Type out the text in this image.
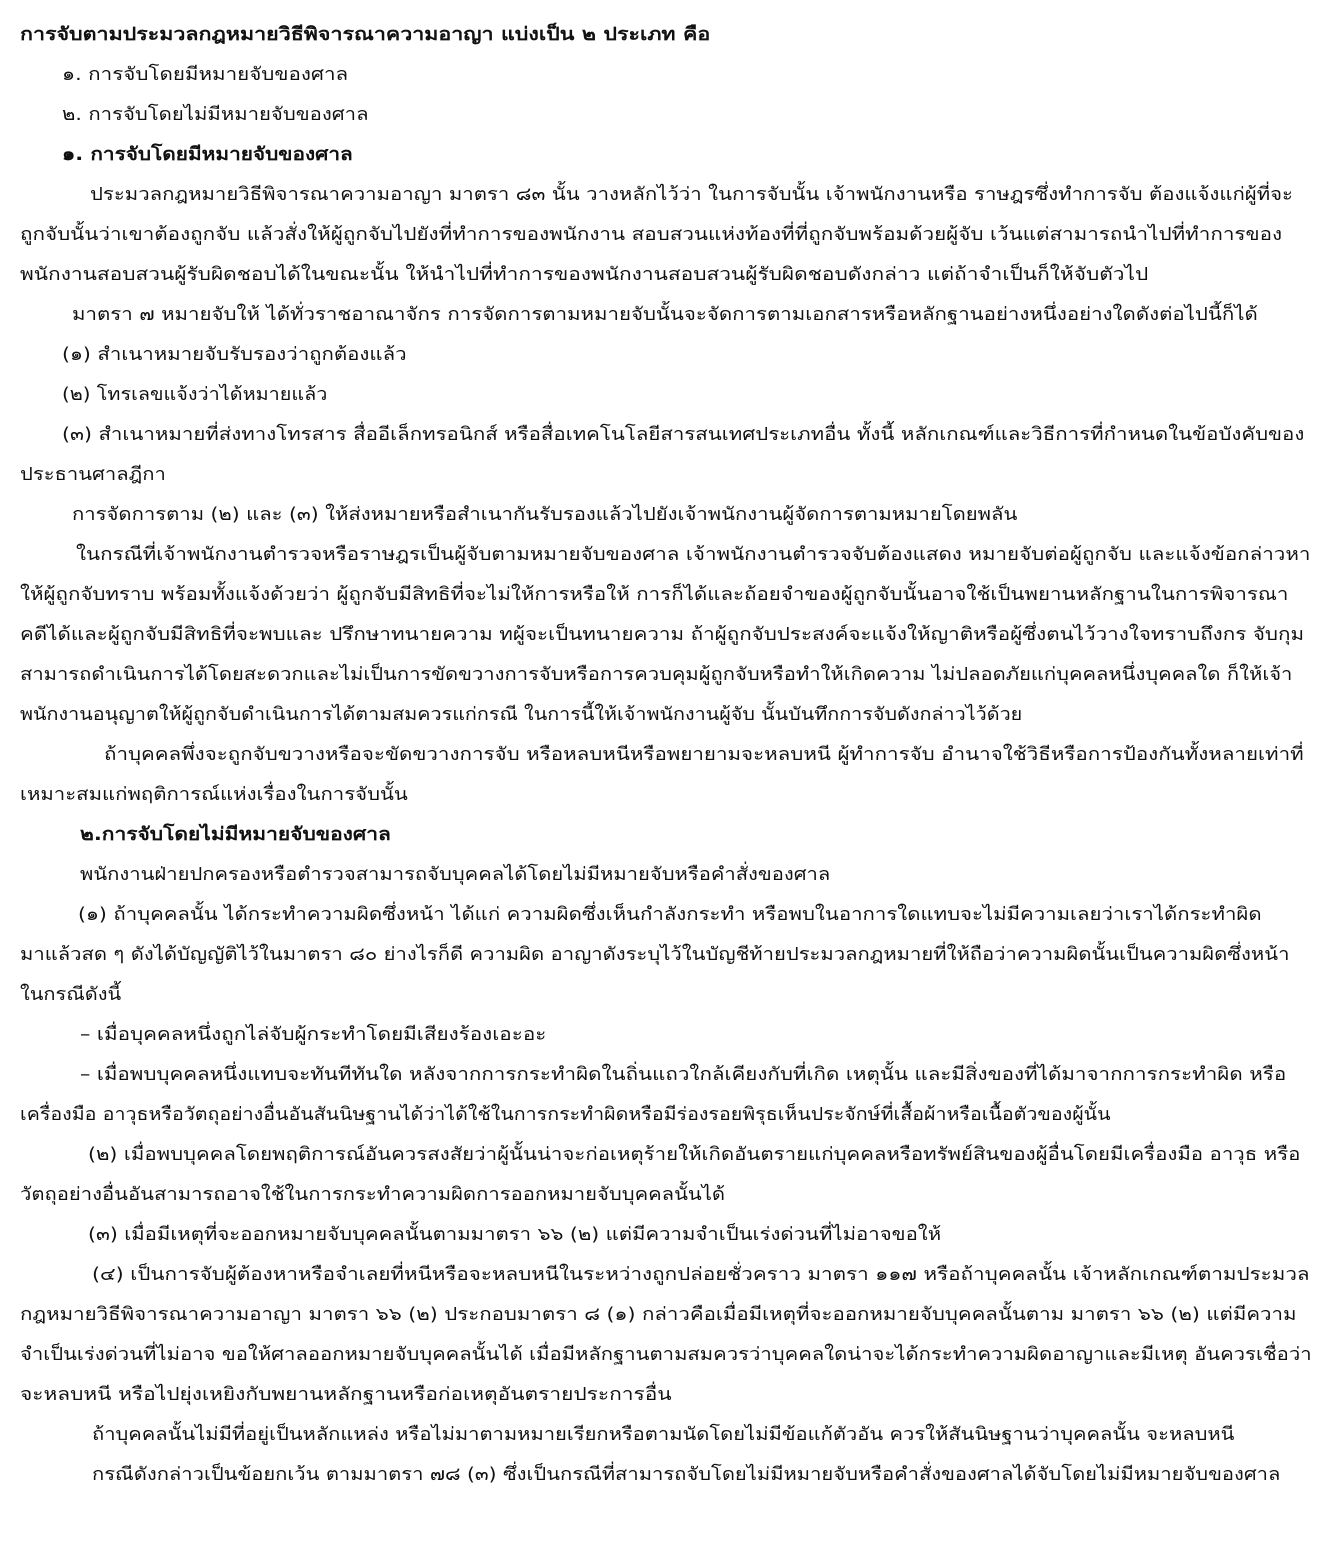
การจับตามประมวลกฎหมายวิธีพิจารณาความอาญา แบ่งเป็น ๒ ประเภท คือ
๑. การจับโดยมีหมายจับของศาล
๒. การจับโดยไม่มีหมายจับของศาล
๑. การจับโดยมีหมายจับของศาล
ประมวลกฎหมายวิธีพิจารณาความอาญา มาตรา ๘๓ นั้น วางหลักไว้ว่า ในการจับนั้น เจ้าพนักงานหรือ ราษฎรซึ่งทำการจับ ต้องแจ้งแก่ผู้ที่จะ
ถูกจับนั้นว่าเขาต้องถูกจับ แล้วสั่งให้ผู้ถูกจับไปยังที่ทำการของพนักงาน สอบสวนแห่งท้องที่ที่ถูกจับพร้อมด้วยผู้จับ เว้นแต่สามารถนำไปที่ทำการของ
พนักงานสอบสวนผู้รับผิดชอบได้ในขณะนั้น ให้นำไปที่ทำการของพนักงานสอบสวนผู้รับผิดชอบดังกล่าว แต่ถ้าจำเป็นก็ให้จับตัวไป
มาตรา ๗ หมายจับให้ ได้ทั่วราชอาณาจักร การจัดการตามหมายจับนั้นจะจัดการตามเอกสารหรือหลักฐานอย่างหนึ่งอย่างใดดังต่อไปนี้ก็ได้
(๑) สำเนาหมายจับรับรองว่าถูกต้องแล้ว
(๒) โทรเลขแจ้งว่าได้หมายแล้ว
(๓) สำเนาหมายที่ส่งทางโทรสาร สื่ออีเล็กทรอนิกส์ หรือสื่อเทคโนโลยีสารสนเทศประเภทอื่น ทั้งนี้ หลักเกณฑ์และวิธีการที่กำหนดในข้อบังคับของ
ประธานศาลฎีกา
การจัดการตาม (๒) และ (๓) ให้ส่งหมายหรือสำเนากันรับรองแล้วไปยังเจ้าพนักงานผู้จัดการตามหมายโดยพลัน
ในกรณีที่เจ้าพนักงานตำรวจหรือราษฎรเป็นผู้จับตามหมายจับของศาล เจ้าพนักงานตำรวจจับต้องแสดง หมายจับต่อผู้ถูกจับ และแจ้งข้อกล่าวหา
ให้ผู้ถูกจับทราบ พร้อมทั้งแจ้งด้วยว่า ผู้ถูกจับมีสิทธิที่จะไม่ให้การหรือให้ การก็ได้และถ้อยจำของผู้ถูกจับนั้นอาจใช้เป็นพยานหลักฐานในการพิจารณา
คดีได้และผู้ถูกจับมีสิทธิที่จะพบและ ปรึกษาทนายความ ทผู้จะเป็นทนายความ ถ้าผู้ถูกจับประสงค์จะแจ้งให้ญาติหรือผู้ซึ่งตนไว้วางใจทราบถึงกร จับกุม
สามารถดำเนินการได้โดยสะดวกและไม่เป็นการขัดขวางการจับหรือการควบคุมผู้ถูกจับหรือทำให้เกิดความ ไม่ปลอดภัยแก่บุคคลหนึ่งบุคคลใด ก็ให้เจ้า
พนักงานอนุญาตให้ผู้ถูกจับดำเนินการได้ตามสมควรแก่กรณี ในการนี้ให้เจ้าพนักงานผู้จับ นั้นบันทึกการจับดังกล่าวไว้ด้วย
ถ้าบุคคลพึ่งจะถูกจับขวางหรือจะขัดขวางการจับ หรือหลบหนีหรือพยายามจะหลบหนี ผู้ทำการจับ อำนาจใช้วิธีหรือการป้องกันทั้งหลายเท่าที่
เหมาะสมแก่พฤติการณ์แห่งเรื่องในการจับนั้น
๒.การจับโดยไม่มีหมายจับของศาล
พนักงานฝ่ายปกครองหรือตำรวจสามารถจับบุคคลได้โดยไม่มีหมายจับหรือคำสั่งของศาล
(๑) ถ้าบุคคลนั้น ได้กระทำความผิดซึ่งหน้า ได้แก่ ความผิดซึ่งเห็นกำลังกระทำ หรือพบในอาการใดแทบจะไม่มีความเลยว่าเราได้กระทำผิด
มาแล้วสด ๆ ดังได้บัญญัติไว้ในมาตรา ๘๐ ย่างไรก็ดี ความผิด อาญาดังระบุไว้ในบัญชีท้ายประมวลกฎหมายที่ให้ถือว่าความผิดนั้นเป็นความผิดซึ่งหน้า
ในกรณีดังนี้
– เมื่อบุคคลหนึ่งถูกไล่จับผู้กระทำโดยมีเสียงร้องเอะอะ
– เมื่อพบบุคคลหนึ่งแทบจะทันทีทันใด หลังจากการกระทำผิดในถิ่นแถวใกล้เคียงกับที่เกิด เหตุนั้น และมีสิ่งของที่ได้มาจากการกระทำผิด หรือ
เครื่องมือ อาวุธหรือวัตถุอย่างอื่นอันสันนิษฐานได้ว่าได้ใช้ในการกระทำผิดหรือมีร่องรอยพิรุธเห็นประจักษ์ที่เสื้อผ้าหรือเนื้อตัวของผู้นั้น
(๒) เมื่อพบบุคคลโดยพฤติการณ์อันควรสงสัยว่าผู้นั้นน่าจะก่อเหตุร้ายให้เกิดอันตรายแก่บุคคลหรือทรัพย์สินของผู้อื่นโดยมีเครื่องมือ อาวุธ หรือ
วัตถุอย่างอื่นอันสามารถอาจใช้ในการกระทำความผิดการออกหมายจับบุคคลนั้นได้
(๓) เมื่อมีเหตุที่จะออกหมายจับบุคคลนั้นตามมาตรา ๖๖ (๒) แต่มีความจำเป็นเร่งด่วนที่ไม่อาจขอให้
(๔) เป็นการจับผู้ต้องหาหรือจำเลยที่หนีหรือจะหลบหนีในระหว่างถูกปล่อยชั่วคราว มาตรา ๑๑๗ หรือถ้าบุคคลนั้น เจ้าหลักเกณฑ์ตามประมวล
กฎหมายวิธีพิจารณาความอาญา มาตรา ๖๖ (๒) ประกอบมาตรา ๘ (๑) กล่าวคือเมื่อมีเหตุที่จะออกหมายจับบุคคลนั้นตาม มาตรา ๖๖ (๒) แต่มีความ
จำเป็นเร่งด่วนที่ไม่อาจ ขอให้ศาลออกหมายจับบุคคลนั้นได้ เมื่อมีหลักฐานตามสมควรว่าบุคคลใดน่าจะได้กระทำความผิดอาญาและมีเหตุ อันควรเชื่อว่า
จะหลบหนี หรือไปยุ่งเหยิงกับพยานหลักฐานหรือก่อเหตุอันตรายประการอื่น
ถ้าบุคคลนั้นไม่มีที่อยู่เป็นหลักแหล่ง หรือไม่มาตามหมายเรียกหรือตามนัดโดยไม่มีข้อแก้ตัวอัน ควรให้สันนิษฐานว่าบุคคลนั้น จะหลบหนี
กรณีดังกล่าวเป็นข้อยกเว้น ตามมาตรา ๗๘ (๓) ซึ่งเป็นกรณีที่สามารถจับโดยไม่มีหมายจับหรือคำสั่งของศาลได้จับโดยไม่มีหมายจับของศาล
